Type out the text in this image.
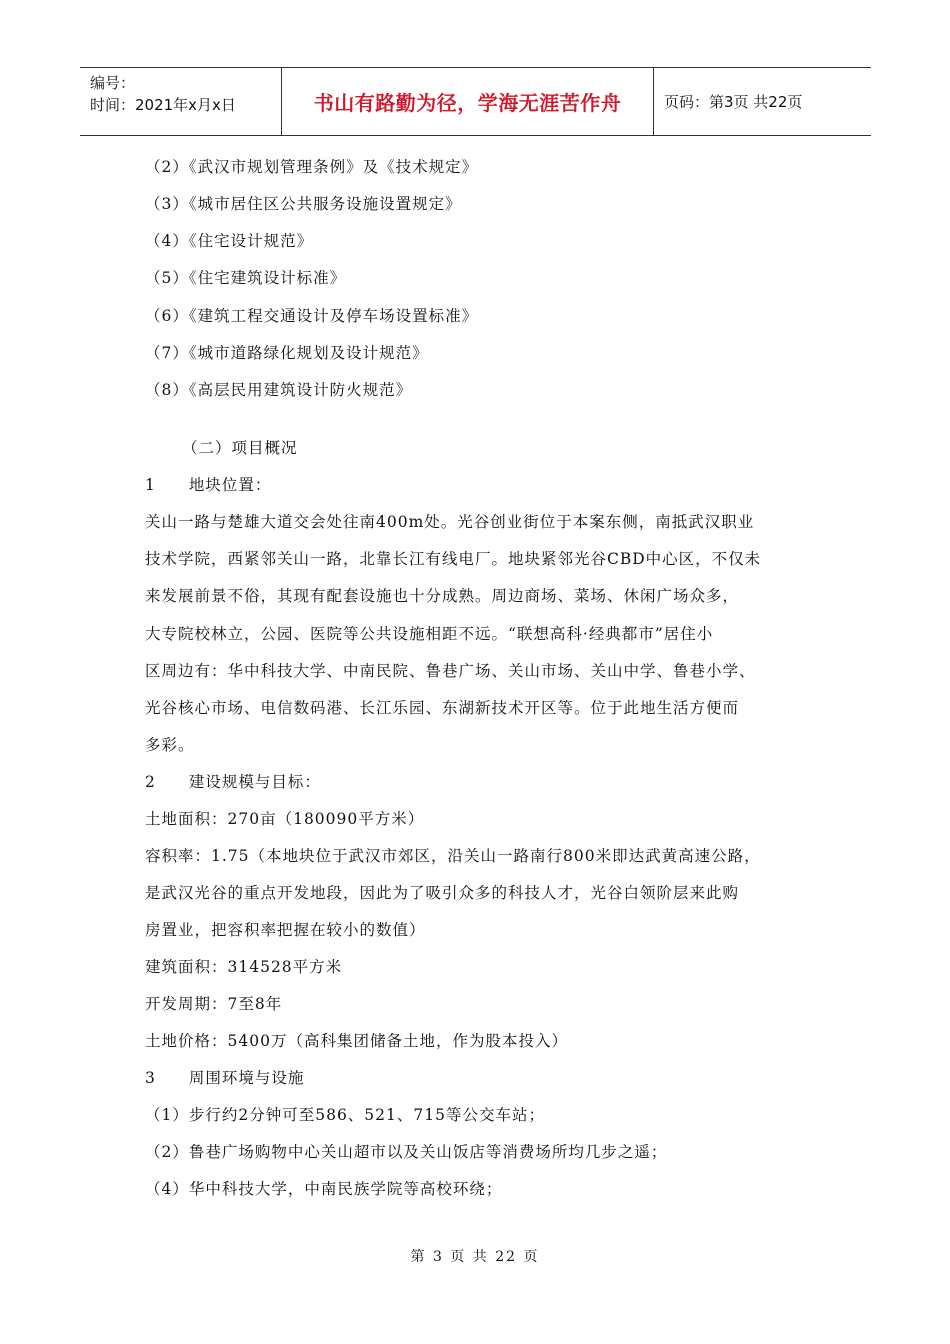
编号：
时间：2021年x月x日	书山有路勤为径，学海无涯苦作舟	页码：第3页 共22页
（2）《武汉市规划管理条例》及《技术规定》
（3）《城市居住区公共服务设施设置规定》
（4）《住宅设计规范》
（5）《住宅建筑设计标准》
（6）《建筑工程交通设计及停车场设置标准》
（7）《城市道路绿化规划及设计规范》
（8）《高层民用建筑设计防火规范》
（二）项目概况
1　　地块位置：
关山一路与楚雄大道交会处往南400m处。光谷创业街位于本案东侧，南抵武汉职业
技术学院，西紧邻关山一路，北靠长江有线电厂。地块紧邻光谷CBD中心区，不仅未
来发展前景不俗，其现有配套设施也十分成熟。周边商场、菜场、休闲广场众多，
大专院校林立，公园、医院等公共设施相距不远。“联想高科·经典都市”居住小
区周边有：华中科技大学、中南民院、鲁巷广场、关山市场、关山中学、鲁巷小学、
光谷核心市场、电信数码港、长江乐园、东湖新技术开区等。位于此地生活方便而
多彩。
2　　建设规模与目标：
土地面积：270亩（180090平方米）
容积率：1.75（本地块位于武汉市郊区，沿关山一路南行800米即达武黄高速公路，
是武汉光谷的重点开发地段，因此为了吸引众多的科技人才，光谷白领阶层来此购
房置业，把容积率把握在较小的数值）
建筑面积：314528平方米
开发周期：7至8年
土地价格：5400万（高科集团储备土地，作为股本投入）
3　　周围环境与设施
（1）步行约2分钟可至586、521、715等公交车站；
（2）鲁巷广场购物中心关山超市以及关山饭店等消费场所均几步之遥；
（4）华中科技大学，中南民族学院等高校环绕；
第 3 页 共 22 页
